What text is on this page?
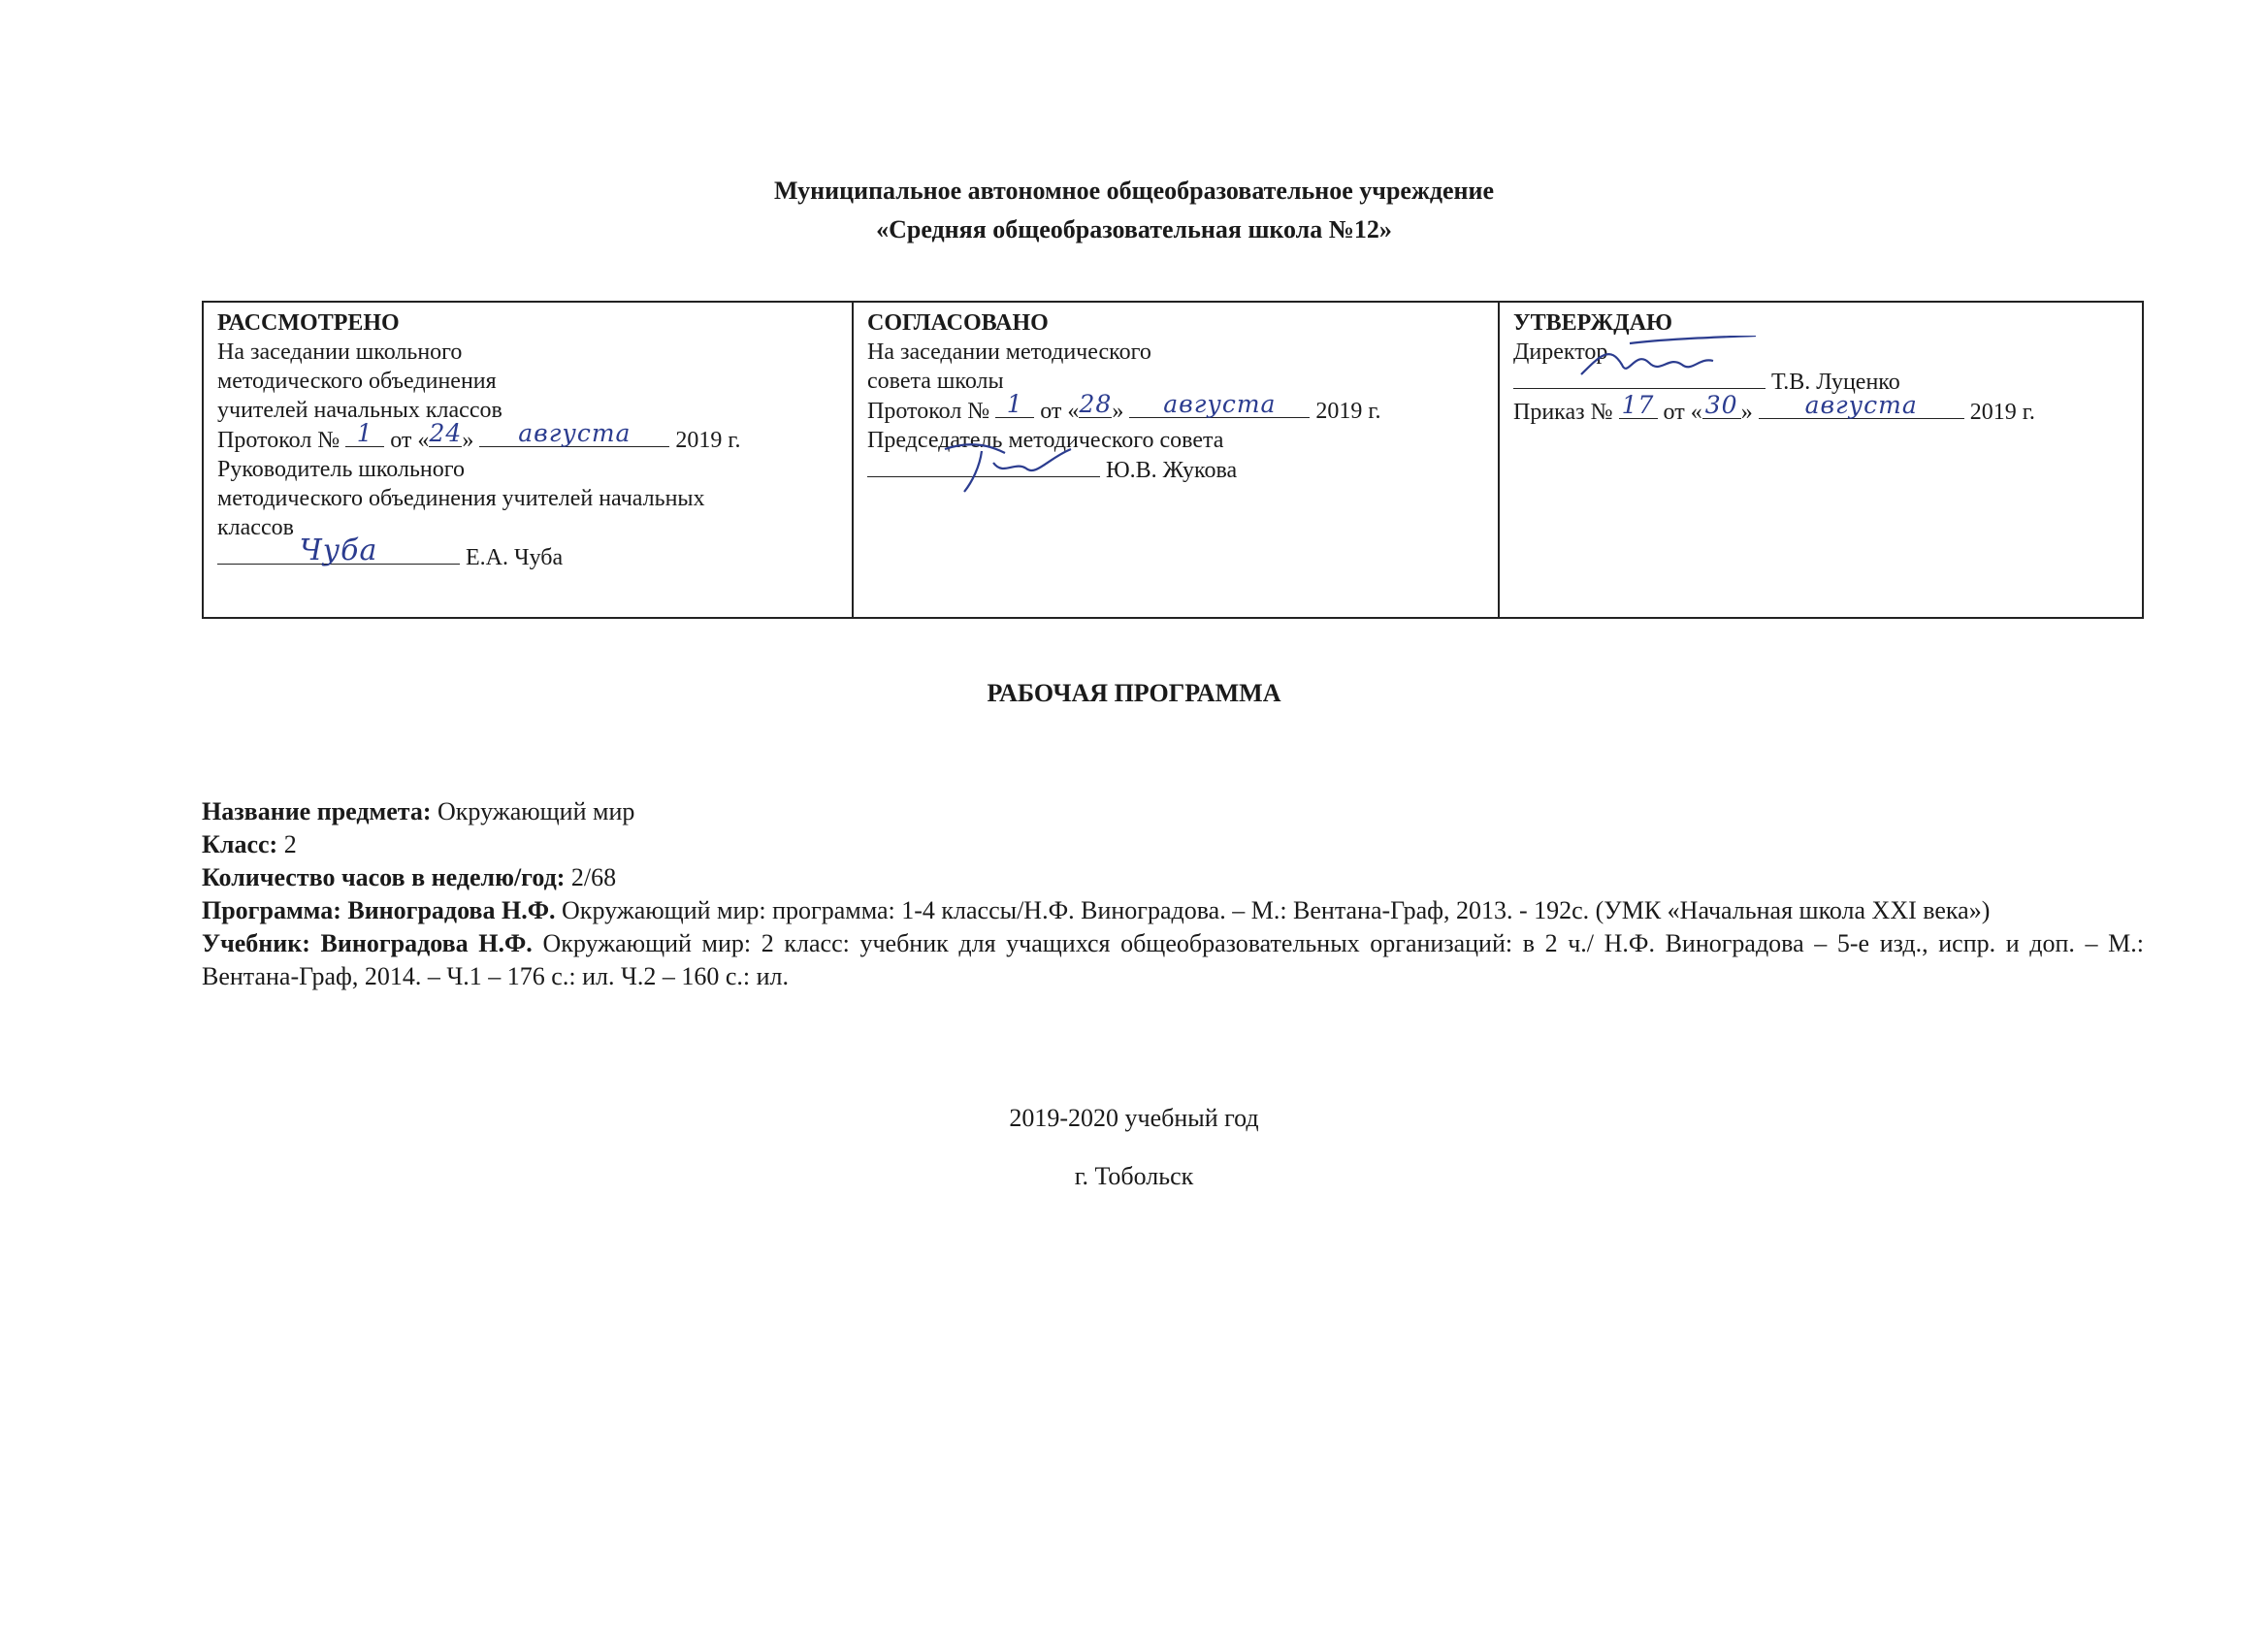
Муниципальное автономное общеобразовательное учреждение
«Средняя общеобразовательная школа №12»
РАССМОТРЕНО
На заседании школьного
методического объединения
учителей начальных классов
Протокол № 1 от « 24 »	августа	2019 г.
Руководитель школьного
методического объединения учителей начальных
классов
Чуба	Е.А. Чуба
СОГЛАСОВАНО
На заседании методического
совета школы
Протокол № 1 от « 28 »	августа	2019 г.
Председатель методического совета
Ю.В. Жукова
УТВЕРЖДАЮ
Директор
Т.В. Луценко
Приказ № 17 от « 30 »	августа	2019 г.
РАБОЧАЯ ПРОГРАММА

Название предмета: Окружающий мир

Класс: 2

Количество часов в неделю/год: 2/68

Программа: Виноградова Н.Ф. Окружающий мир: программа: 1-4 классы/Н.Ф. Виноградова. – М.: Вентана-Граф, 2013. - 192с. (УМК «Начальная школа XXI века»)

Учебник: Виноградова Н.Ф. Окружающий мир: 2 класс: учебник для учащихся общеобразовательных организаций: в 2 ч./ Н.Ф. Виноградова – 5-е изд., испр. и доп. – М.: Вентана-Граф, 2014. – Ч.1 – 176 с.: ил. Ч.2 – 160 с.: ил.

2019-2020 учебный год
г. Тобольск
